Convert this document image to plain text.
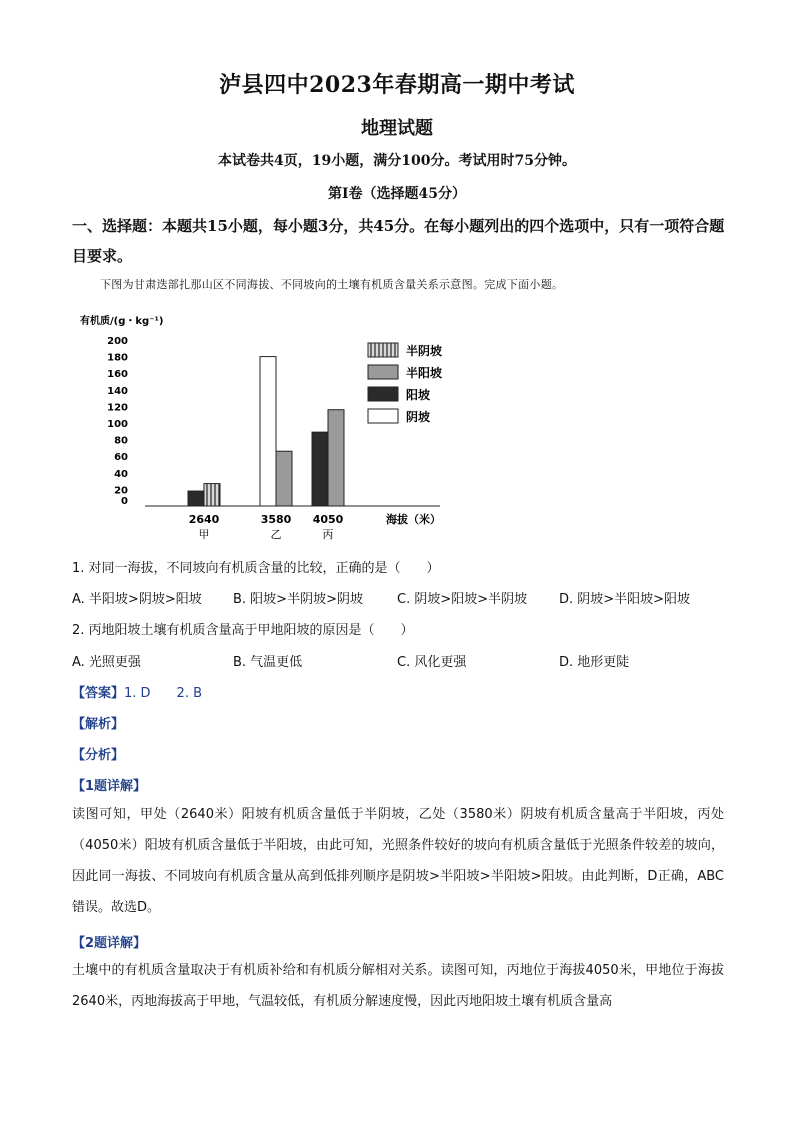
泸县四中2023年春期高一期中考试
地理试题
本试卷共4页，19小题，满分100分。考试用时75分钟。
第Ⅰ卷（选择题45分）
一、选择题：本题共15小题，每小题3分，共45分。在每小题列出的四个选项中，只有一项符合题目要求。
下图为甘肃迭部扎那山区不同海拔、不同坡向的土壤有机质含量关系示意图。完成下面小题。
有机质/(g・kg⁻¹)
200
180
160
140
120
100
80
60
40
20
0
2640
甲
3580
乙
4050
丙
海拔（米）
半阴坡
半阳坡
阳坡
阴坡
1. 对同一海拔，不同坡向有机质含量的比较，正确的是（　　）
A. 半阳坡>阴坡>阳坡 B. 阳坡>半阴坡>阴坡	C. 阴坡>阳坡>半阴坡 D. 阴坡>半阳坡>阳坡
2. 丙地阳坡土壤有机质含量高于甲地阳坡的原因是（　　）
A. 光照更强	B. 气温更低	C. 风化更强	D. 地形更陡
【答案】1. D　　2. B
【解析】
【分析】
【1题详解】
读图可知，甲处（2640米）阳坡有机质含量低于半阴坡，乙处（3580米）阴坡有机质含量高于半阳坡，丙处（4050米）阳坡有机质含量低于半阳坡，由此可知，光照条件较好的坡向有机质含量低于光照条件较差的坡向，因此同一海拔、不同坡向有机质含量从高到低排列顺序是阴坡>半阳坡>半阳坡>阳坡。由此判断，D正确，ABC错误。故选D。
【2题详解】
土壤中的有机质含量取决于有机质补给和有机质分解相对关系。读图可知，丙地位于海拔4050米，甲地位于海拔2640米，丙地海拔高于甲地，气温较低，有机质分解速度慢，因此丙地阳坡土壤有机质含量高
